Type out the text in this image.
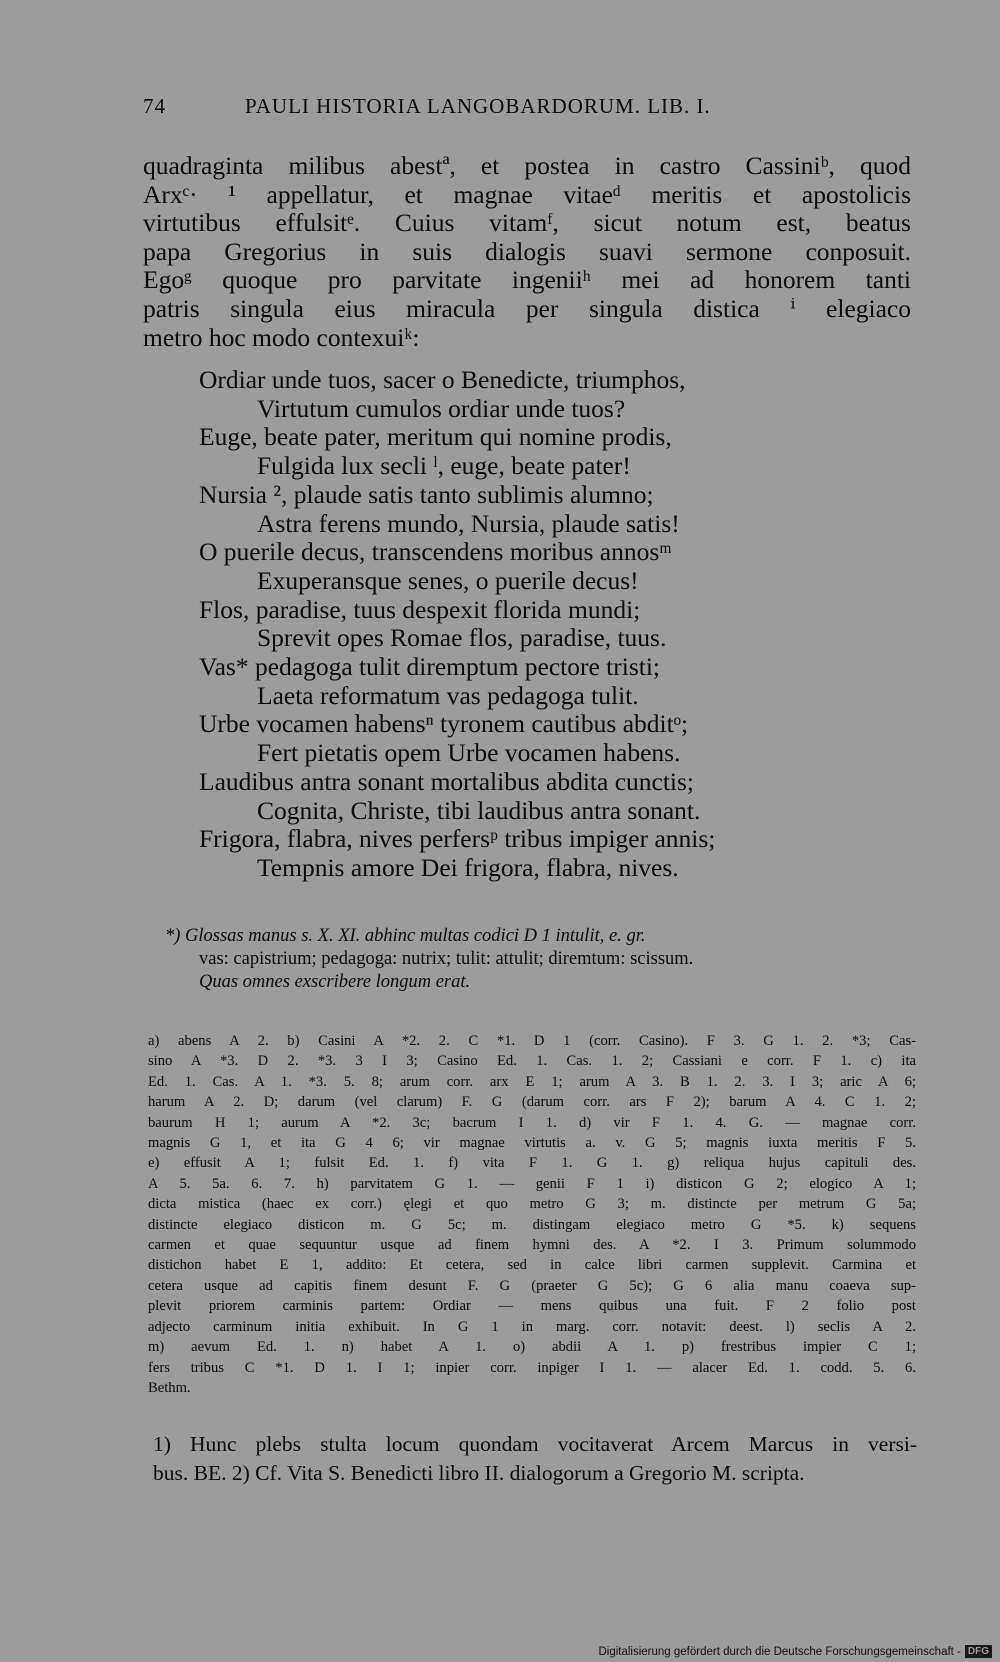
74	PAULI HISTORIA LANGOBARDORUM. LIB. I.
quadraginta milibus abestª, et postea in castro Cassiniᵇ, quod
Arxᶜ· ¹ appellatur, et magnae vitaeᵈ meritis et apostolicis
virtutibus effulsitᵉ. Cuius vitamᶠ, sicut notum est, beatus
papa Gregorius in suis dialogis suavi sermone conposuit.
Egoᵍ quoque pro parvitate ingeniiʰ mei ad honorem tanti
patris singula eius miracula per singula distica ⁱ elegiaco
metro hoc modo contexuiᵏ:
Ordiar unde tuos, sacer o Benedicte, triumphos,
Virtutum cumulos ordiar unde tuos?
Euge, beate pater, meritum qui nomine prodis,
Fulgida lux secli ˡ, euge, beate pater!
Nursia ², plaude satis tanto sublimis alumno;
Astra ferens mundo, Nursia, plaude satis!
O puerile decus, transcendens moribus annosᵐ
Exuperansque senes, o puerile decus!
Flos, paradise, tuus despexit florida mundi;
Sprevit opes Romae flos, paradise, tuus.
Vas* pedagoga tulit diremptum pectore tristi;
Laeta reformatum vas pedagoga tulit.
Urbe vocamen habensⁿ tyronem cautibus abditᵒ;
Fert pietatis opem Urbe vocamen habens.
Laudibus antra sonant mortalibus abdita cunctis;
Cognita, Christe, tibi laudibus antra sonant.
Frigora, flabra, nives perfersᵖ tribus impiger annis;
Tempnis amore Dei frigora, flabra, nives.
*) Glossas manus s. X. XI. abhinc multas codici D 1 intulit, e. gr.
vas: capistrium; pedagoga: nutrix; tulit: attulit; diremtum: scissum.
Quas omnes exscribere longum erat.
a) abens A 2. b) Casini A *2. 2. C *1. D 1 (corr. Casino). F 3. G 1. 2. *3; Cas-
sino A *3. D 2. *3. 3 I 3; Casino Ed. 1. Cas. 1. 2; Cassiani e corr. F 1. c) ita
Ed. 1. Cas. A 1. *3. 5. 8; arum corr. arx E 1; arum A 3. B 1. 2. 3. I 3; aric A 6;
harum A 2. D; darum (vel clarum) F. G (darum corr. ars F 2); barum A 4. C 1. 2;
baurum H 1; aurum A *2. 3c; bacrum I 1. d) vir F 1. 4. G. — magnae corr.
magnis G 1, et ita G 4 6; vir magnae virtutis a. v. G 5; magnis iuxta meritis F 5.
e) effusit A 1; fulsit Ed. 1. f) vita F 1. G 1. g) reliqua hujus capituli des.
A 5. 5a. 6. 7. h) parvitatem G 1. — genii F 1 i) disticon G 2; elogico A 1;
dicta mistica (haec ex corr.) ęlegi et quo metro G 3; m. distincte per metrum G 5a;
distincte elegiaco disticon m. G 5c; m. distingam elegiaco metro G *5. k) sequens
carmen et quae sequuntur usque ad finem hymni des. A *2. I 3. Primum solummodo
distichon habet E 1, addito: Et cetera, sed in calce libri carmen supplevit. Carmina et
cetera usque ad capitis finem desunt F. G (praeter G 5c); G 6 alia manu coaeva sup-
plevit priorem carminis partem: Ordiar — mens quibus una fuit. F 2 folio post
adjecto carminum initia exhibuit. In G 1 in marg. corr. notavit: deest. l) seclis A 2.
m) aevum Ed. 1. n) habet A 1. o) abdii A 1. p) frestribus impier C 1;
fers tribus C *1. D 1. I 1; inpier corr. inpiger I 1. — alacer Ed. 1. codd. 5. 6.
Bethm.
1) Hunc plebs stulta locum quondam vocitaverat Arcem Marcus in versi-
bus. BE. 2) Cf. Vita S. Benedicti libro II. dialogorum a Gregorio M. scripta.
Digitalisierung gefördert durch die Deutsche Forschungsgemeinschaft - DFG
